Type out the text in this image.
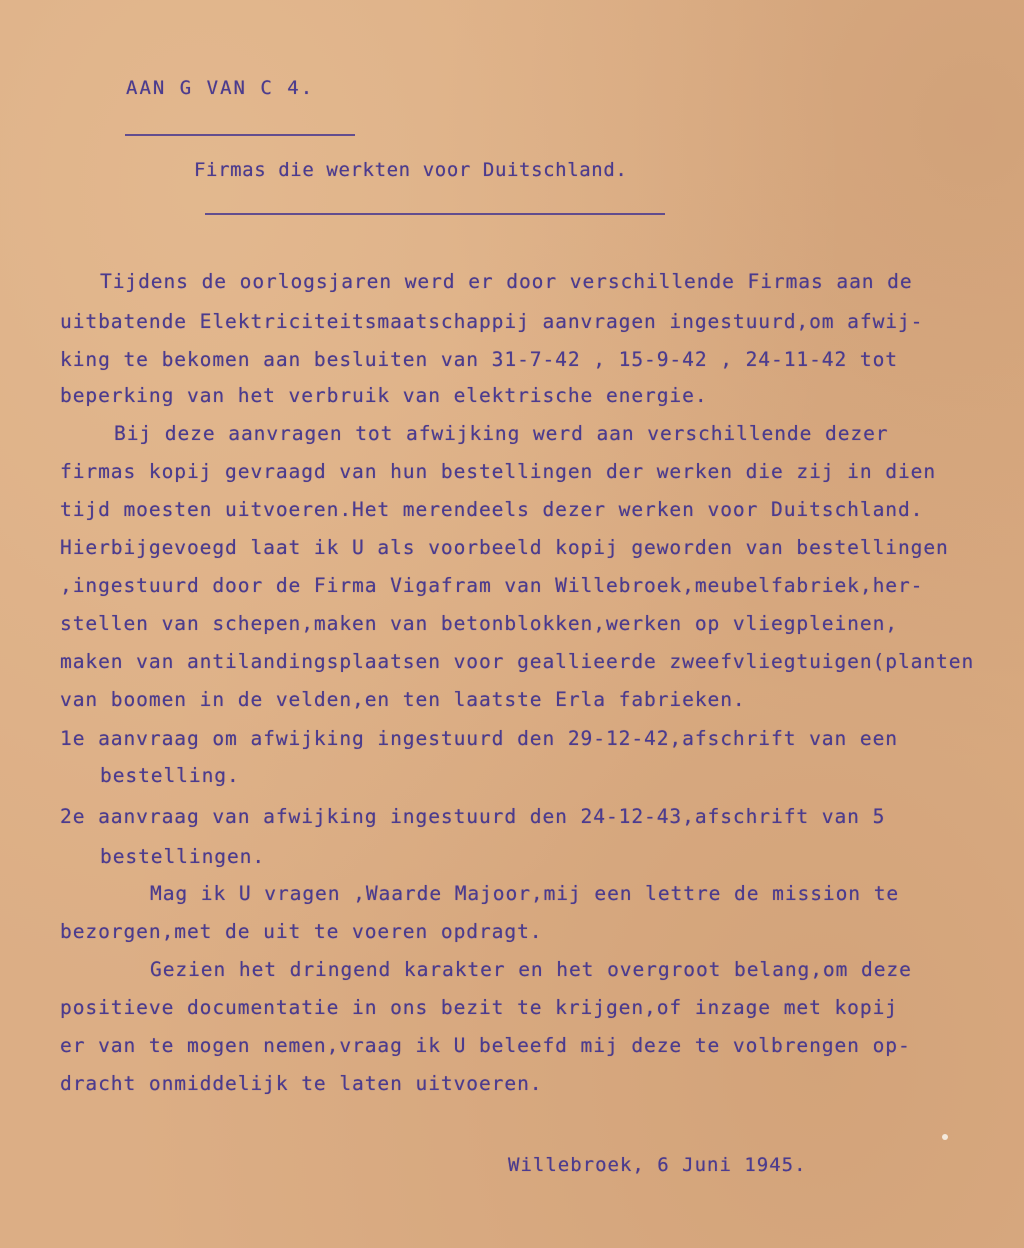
AAN G VAN C 4.

Firmas die werkten voor Duitschland.

Tijdens de oorlogsjaren werd er door verschillende Firmas aan de

uitbatende Elektriciteitsmaatschappij aanvragen ingestuurd,om afwij-

king te bekomen aan besluiten van 31-7-42 , 15-9-42 , 24-11-42 tot

beperking van het verbruik van elektrische energie.

Bij deze aanvragen tot afwijking werd aan verschillende dezer

firmas kopij gevraagd van hun bestellingen der werken die zij in dien

tijd moesten uitvoeren.Het merendeels dezer werken voor Duitschland.

Hierbijgevoegd laat ik U als voorbeeld kopij geworden van bestellingen

,ingestuurd door de Firma Vigafram van Willebroek,meubelfabriek,her-

stellen van schepen,maken van betonblokken,werken op vliegpleinen,

maken van antilandingsplaatsen voor geallieerde zweefvliegtuigen(planten

van boomen in de velden,en ten laatste Erla fabrieken.

1e aanvraag om afwijking ingestuurd den 29-12-42,afschrift van een

bestelling.

2e aanvraag van afwijking ingestuurd den 24-12-43,afschrift van 5

bestellingen.

Mag ik U vragen ,Waarde Majoor,mij een lettre de mission te

bezorgen,met de uit te voeren opdragt.

Gezien het dringend karakter en het overgroot belang,om deze

positieve documentatie in ons bezit te krijgen,of inzage met kopij

er van te mogen nemen,vraag ik U beleefd mij deze te volbrengen op-

dracht onmiddelijk te laten uitvoeren.

Willebroek, 6 Juni 1945.
